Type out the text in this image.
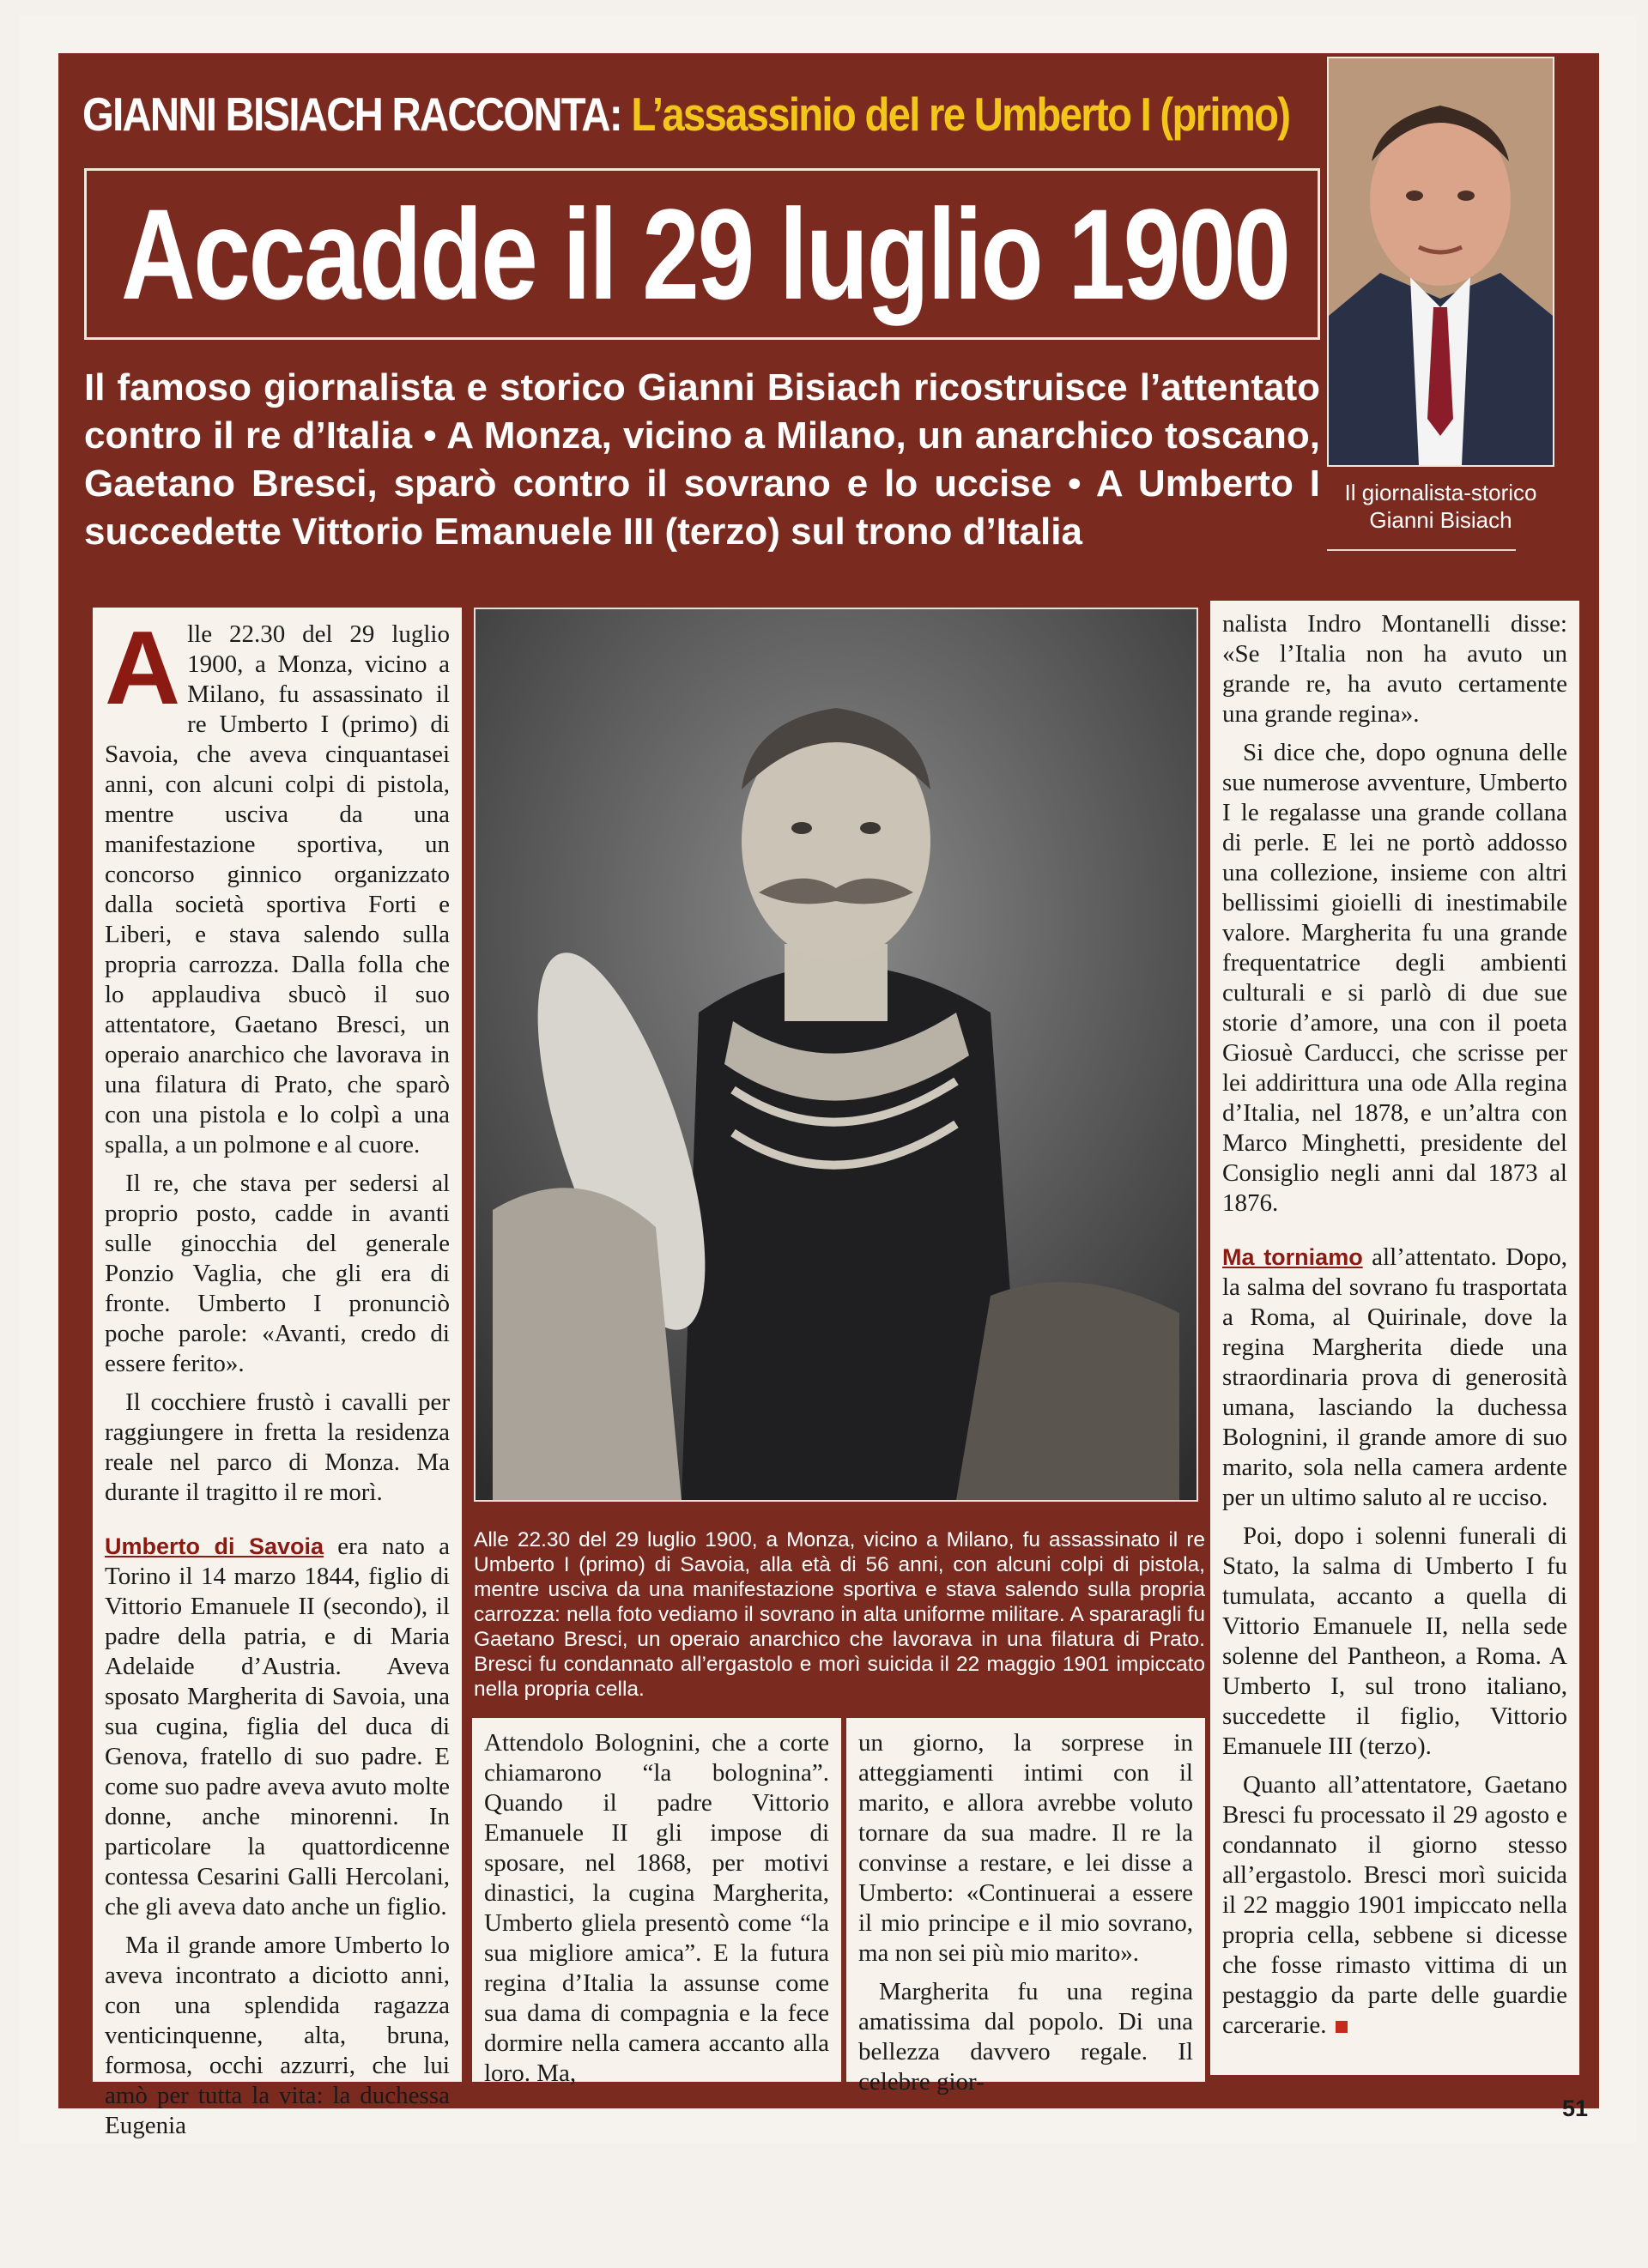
GIANNI BISIACH RACCONTA: L’assassinio del re Umberto I (primo)
Accadde il 29 luglio 1900

Il famoso giornalista e storico Gianni Bisiach ricostruisce l’attentato contro il re d’Italia • A Monza, vicino a Milano, un anarchico toscano, Gaetano Bresci, sparò contro il sovrano e lo uccise • A Umberto I succedette Vittorio Emanuele III (terzo) sul trono d’Italia

Il giornalista-storico
Gianni Bisiach

Alle 22.30 del 29 luglio 1900, a Monza, vicino a Milano, fu assassinato il re Umberto I (primo) di Savoia, che aveva cinquantasei anni, con alcuni colpi di pistola, mentre usciva da una manifestazione sportiva, un concorso ginnico organizzato dalla società sportiva Forti e Liberi, e stava salendo sulla propria carrozza. Dalla folla che lo applaudiva sbucò il suo attentatore, Gaetano Bresci, un operaio anarchico che lavorava in una filatura di Prato, che sparò con una pistola e lo colpì a una spalla, a un polmone e al cuore.

Il re, che stava per sedersi al proprio posto, cadde in avanti sulle ginocchia del generale Ponzio Vaglia, che gli era di fronte. Umberto I pronunciò poche parole: «Avanti, credo di essere ferito».

Il cocchiere frustò i cavalli per raggiungere in fretta la residenza reale nel parco di Monza. Ma durante il tragitto il re morì.

Umberto di Savoia era nato a Torino il 14 marzo 1844, figlio di Vittorio Emanuele II (secondo), il padre della patria, e di Maria Adelaide d’Austria. Aveva sposato Margherita di Savoia, una sua cugina, figlia del duca di Genova, fratello di suo padre. E come suo padre aveva avuto molte donne, anche minorenni. In particolare la quattordicenne contessa Cesarini Galli Hercolani, che gli aveva dato anche un figlio.

Ma il grande amore Umberto lo aveva incontrato a diciotto anni, con una splendida ragazza venticinquenne, alta, bruna, formosa, occhi azzurri, che lui amò per tutta la vita: la duchessa Eugenia

Alle 22.30 del 29 luglio 1900, a Monza, vicino a Milano, fu assassinato il re Umberto I (primo) di Savoia, alla età di 56 anni, con alcuni colpi di pistola, mentre usciva da una manifestazione sportiva e stava salendo sulla propria carrozza: nella foto vediamo il sovrano in alta uniforme militare. A spararagli fu Gaetano Bresci, un operaio anarchico che lavorava in una filatura di Prato. Bresci fu condannato all’ergastolo e morì suicida il 22 maggio 1901 impiccato nella propria cella.

Attendolo Bolognini, che a corte chiamarono “la bolognina”. Quando il padre Vittorio Emanuele II gli impose di sposare, nel 1868, per motivi dinastici, la cugina Margherita, Umberto gliela presentò come “la sua migliore amica”. E la futura regina d’Italia la assunse come sua dama di compagnia e la fece dormire nella camera accanto alla loro. Ma,

un giorno, la sorprese in atteggiamenti intimi con il marito, e allora avrebbe voluto tornare da sua madre. Il re la convinse a restare, e lei disse a Umberto: «Continuerai a essere il mio principe e il mio sovrano, ma non sei più mio marito».

Margherita fu una regina amatissima dal popolo. Di una bellezza davvero regale. Il celebre gior-

nalista Indro Montanelli disse: «Se l’Italia non ha avuto un grande re, ha avuto certamente una grande regina».

Si dice che, dopo ognuna delle sue numerose avventure, Umberto I le regalasse una grande collana di perle. E lei ne portò addosso una collezione, insieme con altri bellissimi gioielli di inestimabile valore. Margherita fu una grande frequentatrice degli ambienti culturali e si parlò di due sue storie d’amore, una con il poeta Giosuè Carducci, che scrisse per lei addirittura una ode Alla regina d’Italia, nel 1878, e un’altra con Marco Minghetti, presidente del Consiglio negli anni dal 1873 al 1876.

Ma torniamo all’attentato. Dopo, la salma del sovrano fu trasportata a Roma, al Quirinale, dove la regina Margherita diede una straordinaria prova di generosità umana, lasciando la duchessa Bolognini, il grande amore di suo marito, sola nella camera ardente per un ultimo saluto al re ucciso.

Poi, dopo i solenni funerali di Stato, la salma di Umberto I fu tumulata, accanto a quella di Vittorio Emanuele II, nella sede solenne del Pantheon, a Roma. A Umberto I, sul trono italiano, succedette il figlio, Vittorio Emanuele III (terzo).

Quanto all’attentatore, Gaetano Bresci fu processato il 29 agosto e condannato il giorno stesso all’ergastolo. Bresci morì suicida il 22 maggio 1901 impiccato nella propria cella, sebbene si dicesse che fosse rimasto vittima di un pestaggio da parte delle guardie carcerarie.

51
